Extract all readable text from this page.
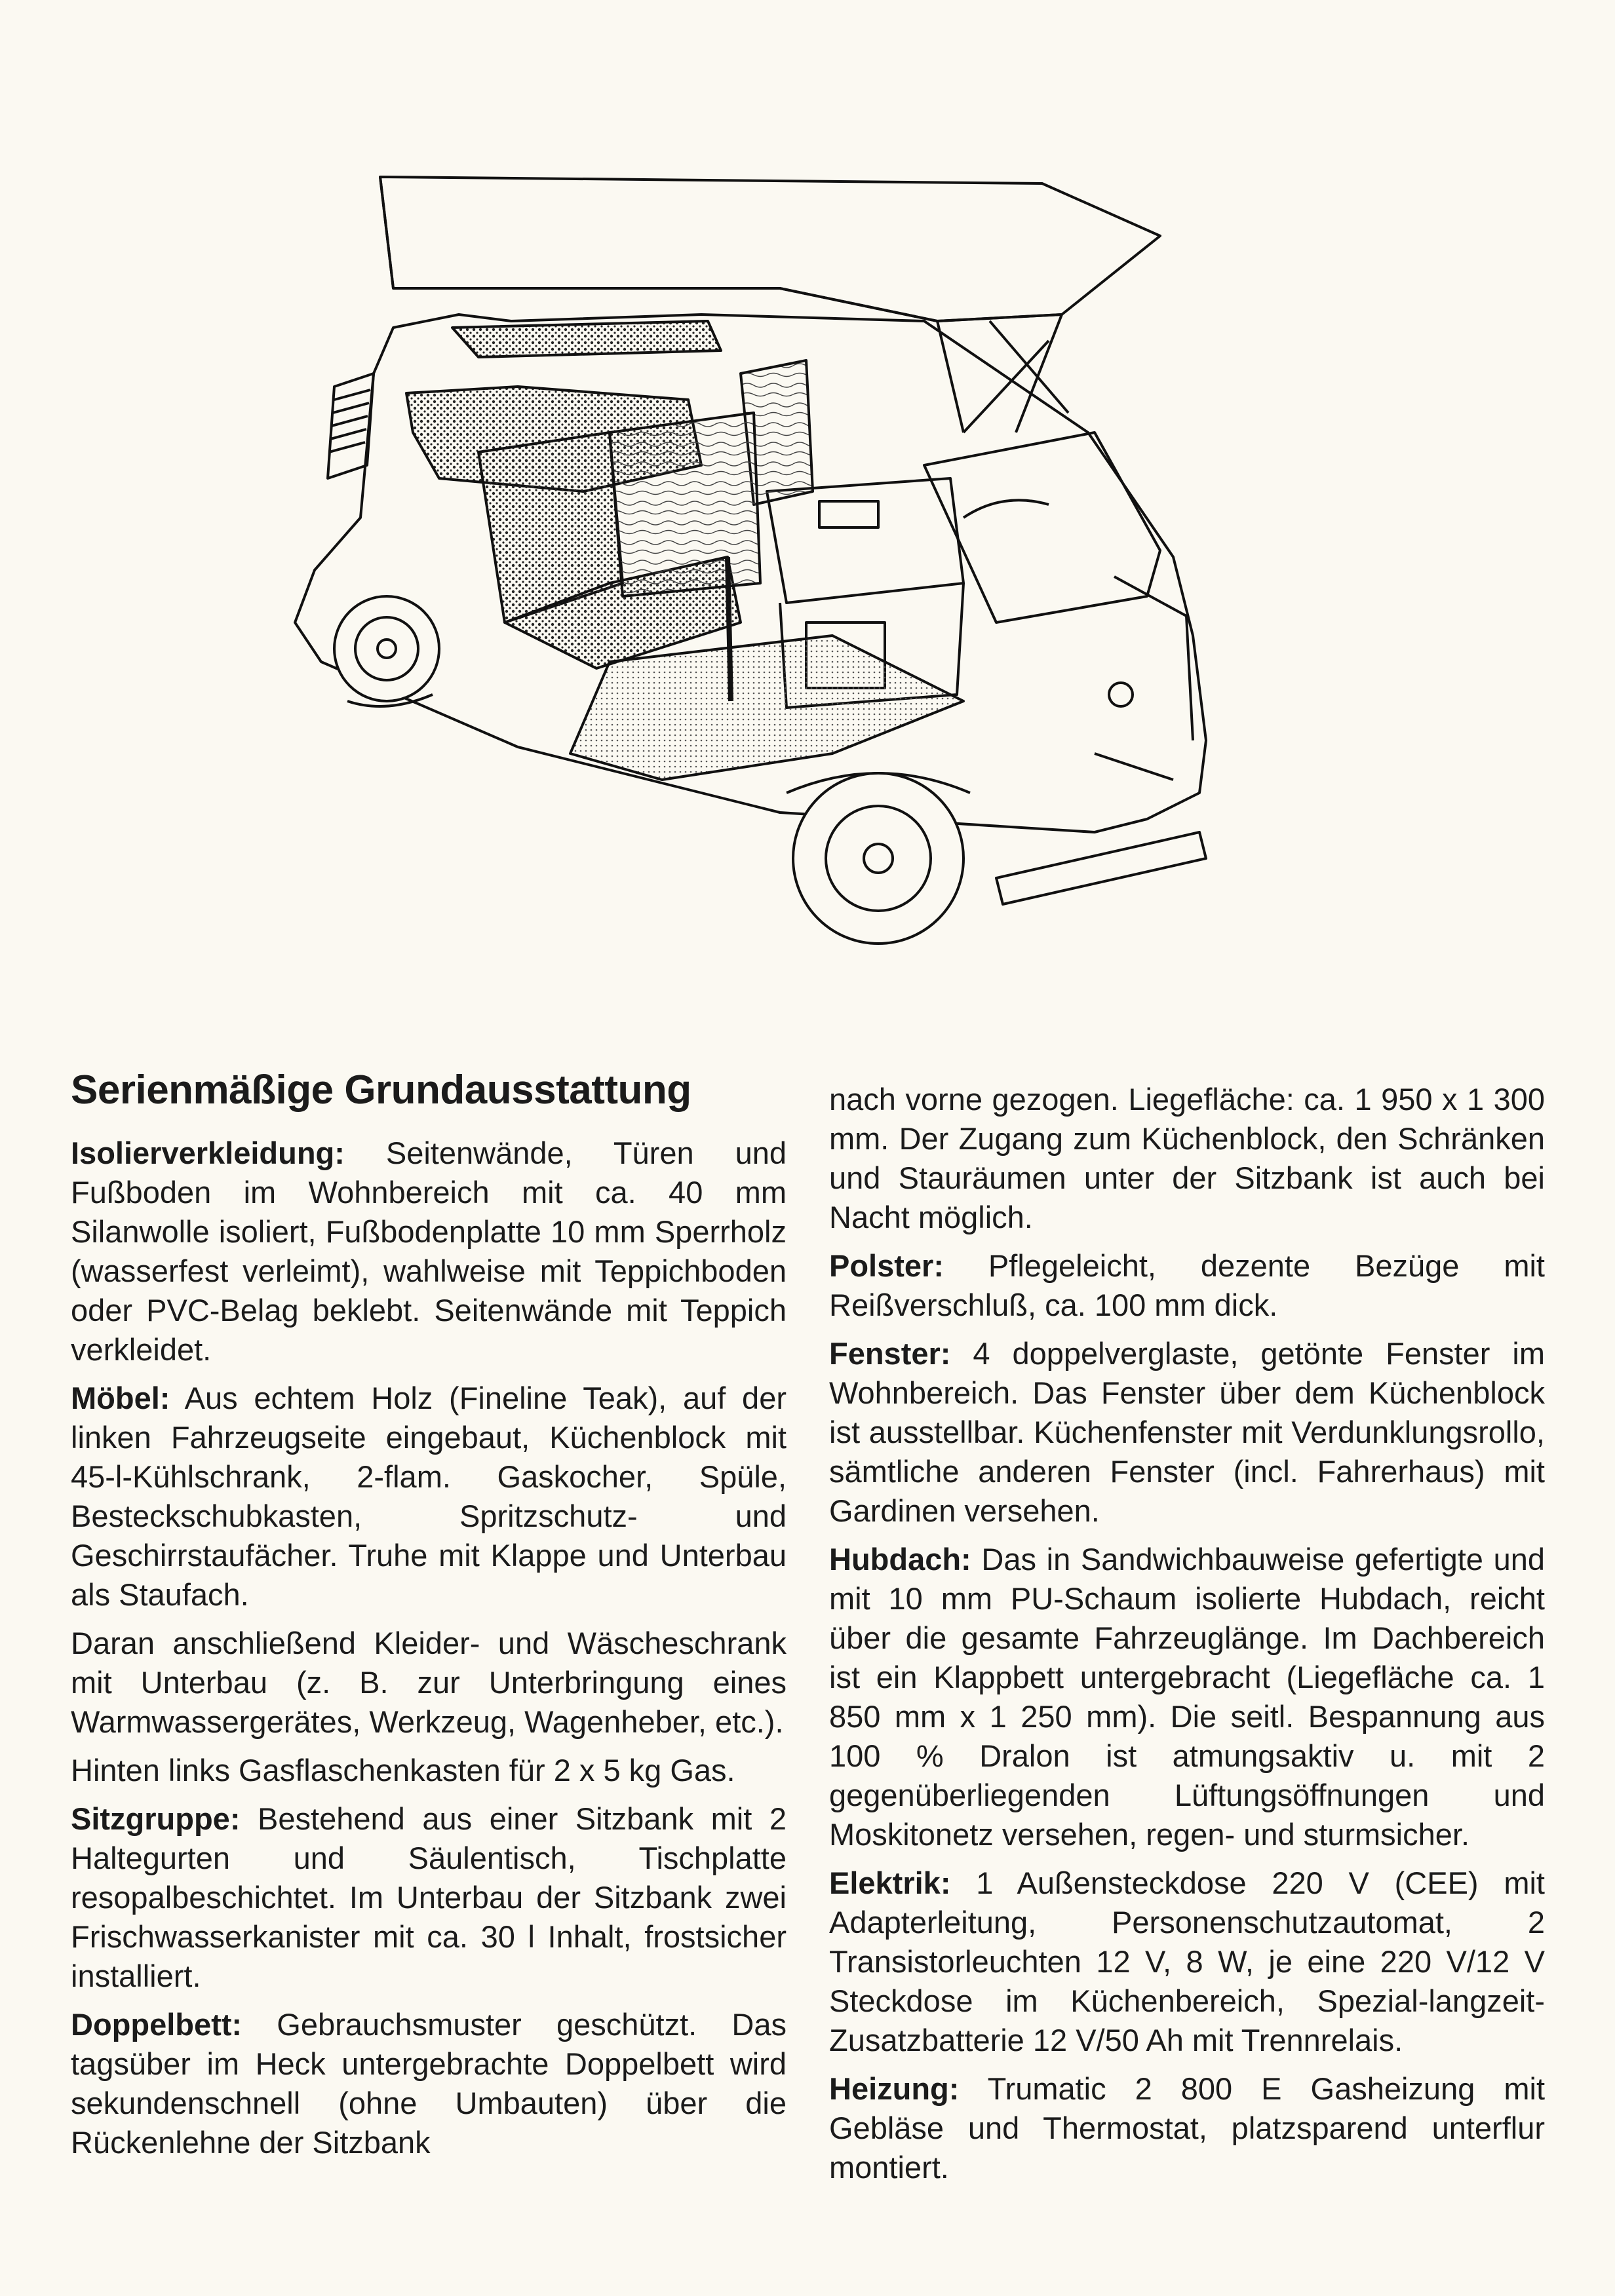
Serienmäßige Grundausstattung

Isolierverkleidung: Seitenwände, Türen und Fußboden im Wohnbereich mit ca. 40 mm Silanwolle isoliert, Fußbodenplatte 10 mm Sperrholz (wasserfest verleimt), wahlweise mit Teppichboden oder PVC-Belag beklebt. Seitenwände mit Teppich verkleidet.

Möbel: Aus echtem Holz (Fineline Teak), auf der linken Fahrzeugseite eingebaut, Küchenblock mit 45-l-Kühlschrank, 2-flam. Gaskocher, Spüle, Besteckschubkasten, Spritzschutz- und Geschirrstaufächer. Truhe mit Klappe und Unterbau als Staufach.

Daran anschließend Kleider- und Wäscheschrank mit Unterbau (z. B. zur Unterbringung eines Warmwassergerätes, Werkzeug, Wagenheber, etc.).

Hinten links Gasflaschenkasten für 2 x 5 kg Gas.

Sitzgruppe: Bestehend aus einer Sitzbank mit 2 Haltegurten und Säulentisch, Tischplatte resopalbeschichtet. Im Unterbau der Sitzbank zwei Frischwasserkanister mit ca. 30 l Inhalt, frostsicher installiert.

Doppelbett: Gebrauchsmuster geschützt. Das tagsüber im Heck untergebrachte Doppelbett wird sekundenschnell (ohne Umbauten) über die Rückenlehne der Sitzbank

nach vorne gezogen. Liegefläche: ca. 1 950 x 1 300 mm. Der Zugang zum Küchenblock, den Schränken und Stauräumen unter der Sitzbank ist auch bei Nacht möglich.

Polster: Pflegeleicht, dezente Bezüge mit Reißverschluß, ca. 100 mm dick.

Fenster: 4 doppelverglaste, getönte Fenster im Wohnbereich. Das Fenster über dem Küchenblock ist ausstellbar. Küchenfenster mit Verdunklungsrollo, sämtliche anderen Fenster (incl. Fahrerhaus) mit Gardinen versehen.

Hubdach: Das in Sandwichbauweise gefertigte und mit 10 mm PU-Schaum isolierte Hubdach, reicht über die gesamte Fahrzeuglänge. Im Dachbereich ist ein Klappbett untergebracht (Liegefläche ca. 1 850 mm x 1 250 mm). Die seitl. Bespannung aus 100 % Dralon ist atmungsaktiv u. mit 2 gegenüberliegenden Lüftungsöffnungen und Moskitonetz versehen, regen- und sturmsicher.

Elektrik: 1 Außensteckdose 220 V (CEE) mit Adapterleitung, Personenschutzautomat, 2 Transistorleuchten 12 V, 8 W, je eine 220 V/12 V Steckdose im Küchenbereich, Spezial-langzeit-Zusatzbatterie 12 V/50 Ah mit Trennrelais.

Heizung: Trumatic 2 800 E Gasheizung mit Gebläse und Thermostat, platzsparend unterflur montiert.
